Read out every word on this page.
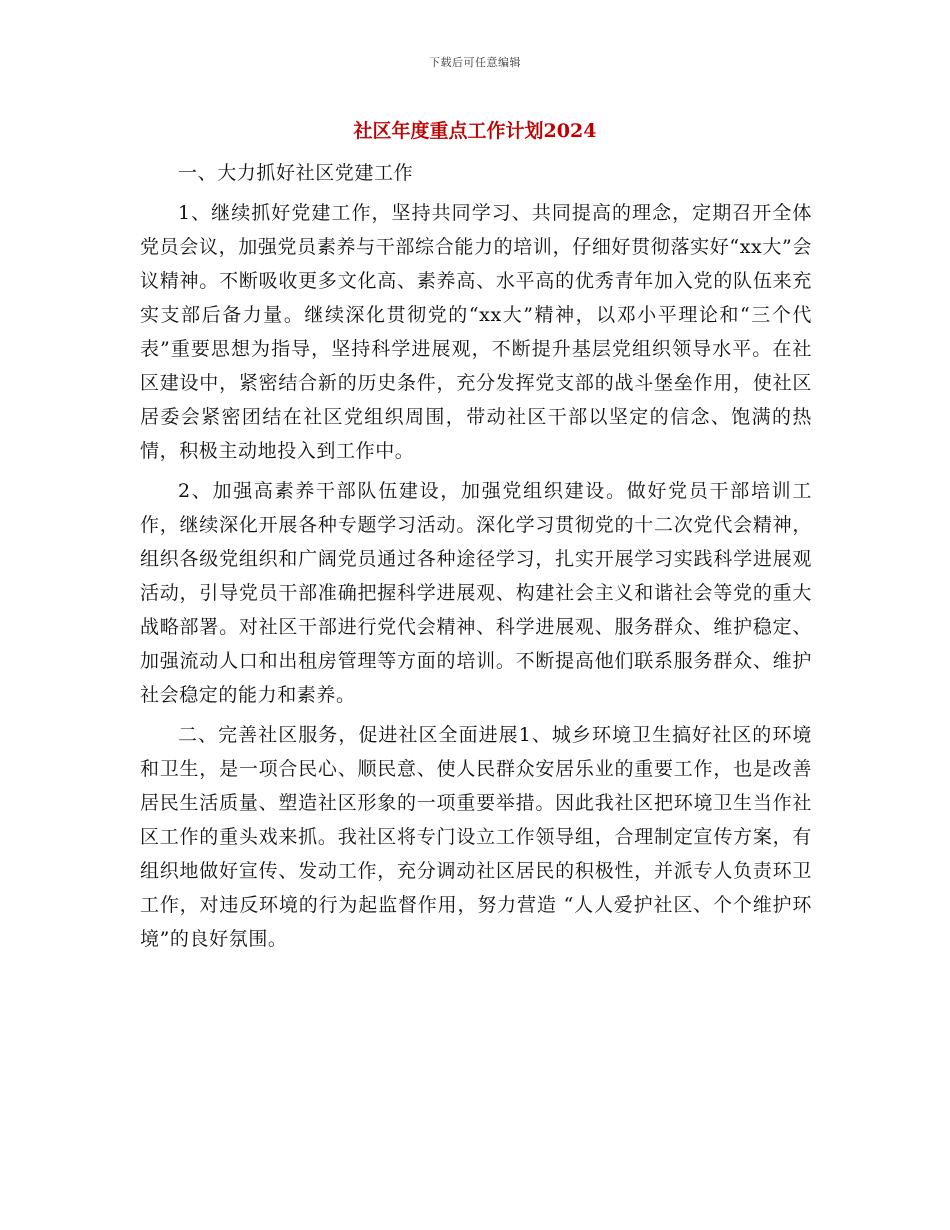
下载后可任意编辑
社区年度重点工作计划2024

一、大力抓好社区党建工作

1、继续抓好党建工作，坚持共同学习、共同提高的理念，定期召开全体党员会议，加强党员素养与干部综合能力的培训，仔细好贯彻落实好“xx大”会议精神。不断吸收更多文化高、素养高、水平高的优秀青年加入党的队伍来充实支部后备力量。继续深化贯彻党的“xx大”精神，以邓小平理论和“三个代表”重要思想为指导，坚持科学进展观，不断提升基层党组织领导水平。在社区建设中，紧密结合新的历史条件，充分发挥党支部的战斗堡垒作用，使社区居委会紧密团结在社区党组织周围，带动社区干部以坚定的信念、饱满的热情，积极主动地投入到工作中。

2、加强高素养干部队伍建设，加强党组织建设。做好党员干部培训工作，继续深化开展各种专题学习活动。深化学习贯彻党的十二次党代会精神，组织各级党组织和广阔党员通过各种途径学习，扎实开展学习实践科学进展观活动，引导党员干部准确把握科学进展观、构建社会主义和谐社会等党的重大战略部署。对社区干部进行党代会精神、科学进展观、服务群众、维护稳定、加强流动人口和出租房管理等方面的培训。不断提高他们联系服务群众、维护社会稳定的能力和素养。

二、完善社区服务，促进社区全面进展1、城乡环境卫生搞好社区的环境和卫生，是一项合民心、顺民意、使人民群众安居乐业的重要工作，也是改善居民生活质量、塑造社区形象的一项重要举措。因此我社区把环境卫生当作社区工作的重头戏来抓。我社区将专门设立工作领导组，合理制定宣传方案，有组织地做好宣传、发动工作，充分调动社区居民的积极性，并派专人负责环卫工作，对违反环境的行为起监督作用，努力营造 “人人爱护社区、个个维护环境”的良好氛围。
